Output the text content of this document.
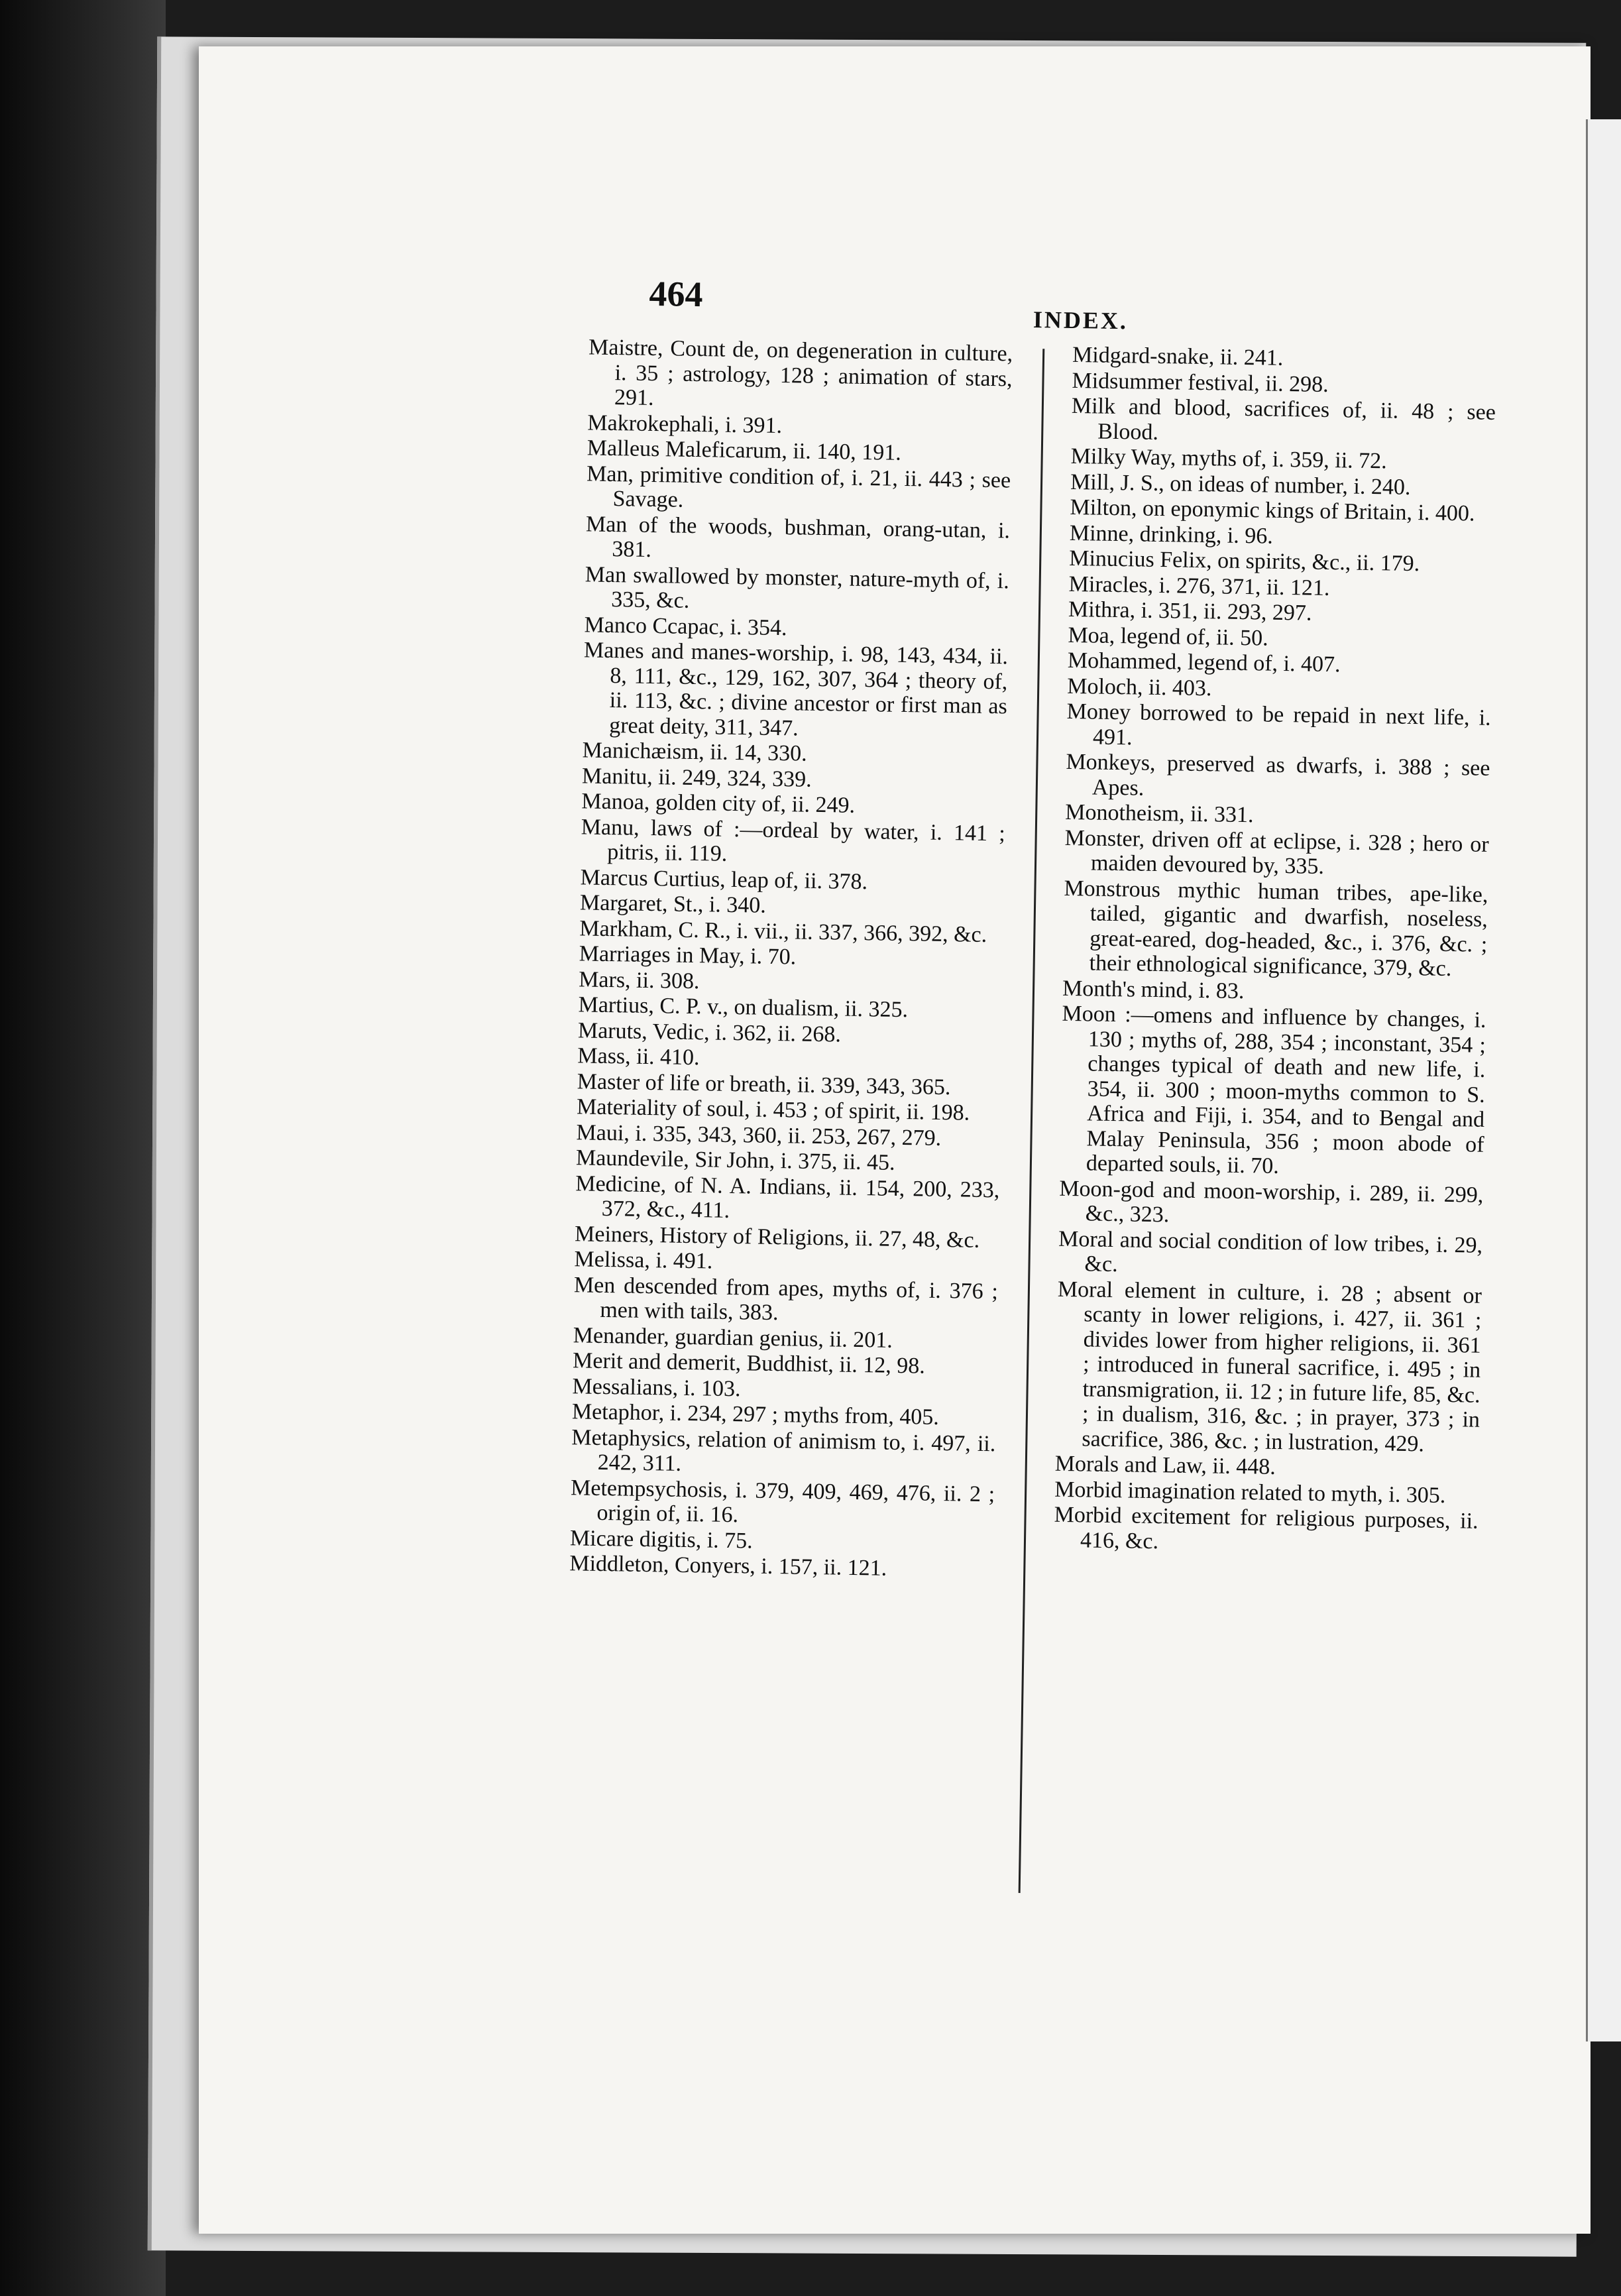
464
INDEX.

Maistre, Count de, on degeneration in culture, i. 35 ; astrology, 128 ; animation of stars, 291.

Makrokephali, i. 391.

Malleus Maleficarum, ii. 140, 191.

Man, primitive condition of, i. 21, ii. 443 ; see Savage.

Man of the woods, bushman, orang-utan, i. 381.

Man swallowed by monster, nature-myth of, i. 335, &c.

Manco Ccapac, i. 354.

Manes and manes-worship, i. 98, 143, 434, ii. 8, 111, &c., 129, 162, 307, 364 ; theory of, ii. 113, &c. ; divine ancestor or first man as great deity, 311, 347.

Manichæism, ii. 14, 330.

Manitu, ii. 249, 324, 339.

Manoa, golden city of, ii. 249.

Manu, laws of :—ordeal by water, i. 141 ; pitris, ii. 119.

Marcus Curtius, leap of, ii. 378.

Margaret, St., i. 340.

Markham, C. R., i. vii., ii. 337, 366, 392, &c.

Marriages in May, i. 70.

Mars, ii. 308.

Martius, C. P. v., on dualism, ii. 325.

Maruts, Vedic, i. 362, ii. 268.

Mass, ii. 410.

Master of life or breath, ii. 339, 343, 365.

Materiality of soul, i. 453 ; of spirit, ii. 198.

Maui, i. 335, 343, 360, ii. 253, 267, 279.

Maundevile, Sir John, i. 375, ii. 45.

Medicine, of N. A. Indians, ii. 154, 200, 233, 372, &c., 411.

Meiners, History of Religions, ii. 27, 48, &c.

Melissa, i. 491.

Men descended from apes, myths of, i. 376 ; men with tails, 383.

Menander, guardian genius, ii. 201.

Merit and demerit, Buddhist, ii. 12, 98.

Messalians, i. 103.

Metaphor, i. 234, 297 ; myths from, 405.

Metaphysics, relation of animism to, i. 497, ii. 242, 311.

Metempsychosis, i. 379, 409, 469, 476, ii. 2 ; origin of, ii. 16.

Micare digitis, i. 75.

Middleton, Conyers, i. 157, ii. 121.

Midgard-snake, ii. 241.

Midsummer festival, ii. 298.

Milk and blood, sacrifices of, ii. 48 ; see Blood.

Milky Way, myths of, i. 359, ii. 72.

Mill, J. S., on ideas of number, i. 240.

Milton, on eponymic kings of Britain, i. 400.

Minne, drinking, i. 96.

Minucius Felix, on spirits, &c., ii. 179.

Miracles, i. 276, 371, ii. 121.

Mithra, i. 351, ii. 293, 297.

Moa, legend of, ii. 50.

Mohammed, legend of, i. 407.

Moloch, ii. 403.

Money borrowed to be repaid in next life, i. 491.

Monkeys, preserved as dwarfs, i. 388 ; see Apes.

Monotheism, ii. 331.

Monster, driven off at eclipse, i. 328 ; hero or maiden devoured by, 335.

Monstrous mythic human tribes, ape-like, tailed, gigantic and dwarfish, noseless, great-eared, dog-headed, &c., i. 376, &c. ; their ethnological significance, 379, &c.

Month's mind, i. 83.

Moon :—omens and influence by changes, i. 130 ; myths of, 288, 354 ; inconstant, 354 ; changes typical of death and new life, i. 354, ii. 300 ; moon-myths common to S. Africa and Fiji, i. 354, and to Bengal and Malay Peninsula, 356 ; moon abode of departed souls, ii. 70.

Moon-god and moon-worship, i. 289, ii. 299, &c., 323.

Moral and social condition of low tribes, i. 29, &c.

Moral element in culture, i. 28 ; absent or scanty in lower religions, i. 427, ii. 361 ; divides lower from higher religions, ii. 361 ; introduced in funeral sacrifice, i. 495 ; in transmigration, ii. 12 ; in future life, 85, &c. ; in dualism, 316, &c. ; in prayer, 373 ; in sacrifice, 386, &c. ; in lustration, 429.

Morals and Law, ii. 448.

Morbid imagination related to myth, i. 305.

Morbid excitement for religious purposes, ii. 416, &c.
